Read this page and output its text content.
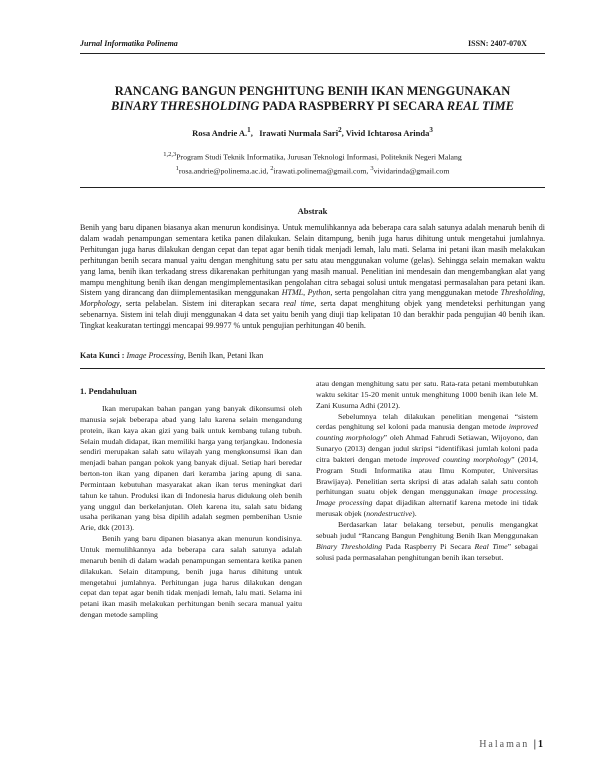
Jurnal Informatika Polinema	ISSN: 2407-070X
RANCANG BANGUN PENGHITUNG BENIH IKAN MENGGUNAKAN
BINARY THRESHOLDING PADA RASPBERRY PI SECARA REAL TIME
Rosa Andrie A.$^1$,   Irawati Nurmala Sari$^2$, Vivid Ichtarosa Arinda$^3$
$^{1,2,3}$Program Studi Teknik Informatika, Jurusan Teknologi Informasi, Politeknik Negeri Malang
$^1$rosa.andrie@polinema.ac.id, $^2$irawati.polinema@gmail.com, $^3$vividarinda@gmail.com
Abstrak

Benih yang baru dipanen biasanya akan menurun kondisinya. Untuk memulihkannya ada beberapa cara salah satunya adalah menaruh benih di dalam wadah penampungan sementara ketika panen dilakukan. Selain ditampung, benih juga harus dihitung untuk mengetahui jumlahnya. Perhitungan juga harus dilakukan dengan cepat dan tepat agar benih tidak menjadi lemah, lalu mati. Selama ini petani ikan masih melakukan perhitungan benih secara manual yaitu dengan menghitung satu per satu atau menggunakan volume (gelas). Sehingga selain memakan waktu yang lama, benih ikan terkadang stress dikarenakan perhitungan yang masih manual. Penelitian ini mendesain dan mengembangkan alat yang mampu menghitung benih ikan dengan mengimplementasikan pengolahan citra sebagai solusi untuk mengatasi permasalahan para petani ikan. Sistem yang dirancang dan diimplementasikan menggunakan HTML, Python, serta pengolahan citra yang menggunakan metode Thresholding, Morphology, serta pelabelan. Sistem ini diterapkan secara real time, serta dapat menghitung objek yang mendeteksi perhitungan yang sebenarnya. Sistem ini telah diuji menggunakan 4 data set yaitu benih yang diuji tiap kelipatan 10 dan berakhir pada pengujian 40 benih ikan. Tingkat keakuratan tertinggi mencapai 99.9977 % untuk pengujian perhitungan 40 benih.

Kata Kunci : Image Processing, Benih Ikan, Petani Ikan
1. Pendahuluan

Ikan merupakan bahan pangan yang banyak dikonsumsi oleh manusia sejak beberapa abad yang lalu karena selain mengandung protein, ikan kaya akan gizi yang baik untuk kembang tulang tubuh. Selain mudah didapat, ikan memiliki harga yang terjangkau. Indonesia sendiri merupakan salah satu wilayah yang mengkonsumsi ikan dan menjadi bahan pangan pokok yang banyak dijual. Setiap hari beredar berton-ton ikan yang dipanen dari keramba jaring apung di sana. Permintaan kebutuhan masyarakat akan ikan terus meningkat dari tahun ke tahun. Produksi ikan di Indonesia harus didukung oleh benih yang unggul dan berkelanjutan. Oleh karena itu, salah satu bidang usaha perikanan yang bisa dipilih adalah segmen pembenihan Usnie Arie, dkk (2013).

Benih yang baru dipanen biasanya akan menurun kondisinya. Untuk memulihkannya ada beberapa cara salah satunya adalah menaruh benih di dalam wadah penampungan sementara ketika panen dilakukan. Selain ditampung, benih juga harus dihitung untuk mengetahui jumlahnya. Perhitungan juga harus dilakukan dengan cepat dan tepat agar benih tidak menjadi lemah, lalu mati. Selama ini petani ikan masih melakukan perhitungan benih secara manual yaitu dengan metode sampling

atau dengan menghitung satu per satu. Rata-rata petani membutuhkan waktu sekitar 15-20 menit untuk menghitung 1000 benih ikan lele M. Zani Kusuma Adhi (2012).

Sebelumnya telah dilakukan penelitian mengenai “sistem cerdas penghitung sel koloni pada manusia dengan metode improved counting morphology” oleh Ahmad Fahrudi Setiawan, Wijoyono, dan Sunaryo (2013) dengan judul skripsi “identifikasi jumlah koloni pada citra bakteri dengan metode improved counting morphology” (2014, Program Studi Informatika atau Ilmu Komputer, Universitas Brawijaya). Penelitian serta skripsi di atas adalah salah satu contoh perhitungan suatu objek dengan menggunakan image processing. Image processing dapat dijadikan alternatif karena metode ini tidak merusak objek (nondestructive).

Berdasarkan latar belakang tersebut, penulis mengangkat sebuah judul “Rancang Bangun Penghitung Benih Ikan Menggunakan Binary Thresholding Pada Raspberry Pi Secara Real Time” sebagai solusi pada permasalahan penghitungan benih ikan tersebut.

Halaman |1
